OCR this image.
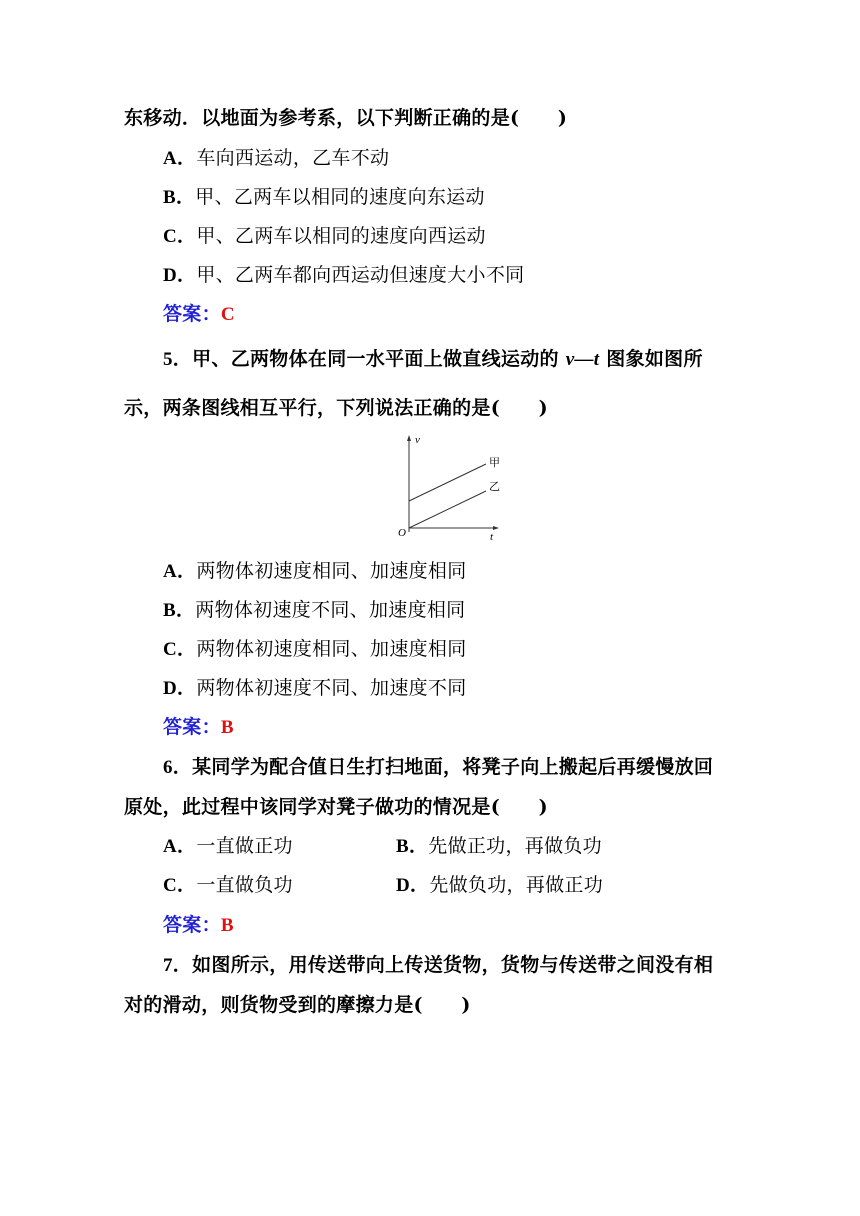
东移动．以地面为参考系，以下判断正确的是(　　)
A．车向西运动，乙车不动
B．甲、乙两车以相同的速度向东运动
C．甲、乙两车以相同的速度向西运动
D．甲、乙两车都向西运动但速度大小不同
答案：C
5．甲、乙两物体在同一水平面上做直线运动的 v—t 图象如图所
示，两条图线相互平行，下列说法正确的是(　　)
v
t
O
甲
乙
A．两物体初速度相同、加速度相同
B．两物体初速度不同、加速度相同
C．两物体初速度相同、加速度相同
D．两物体初速度不同、加速度不同
答案：B
6．某同学为配合值日生打扫地面，将凳子向上搬起后再缓慢放回
原处，此过程中该同学对凳子做功的情况是(　　)
A．一直做正功	B．先做正功，再做负功
C．一直做负功	D．先做负功，再做正功
答案：B
7．如图所示，用传送带向上传送货物，货物与传送带之间没有相
对的滑动，则货物受到的摩擦力是(　　)
